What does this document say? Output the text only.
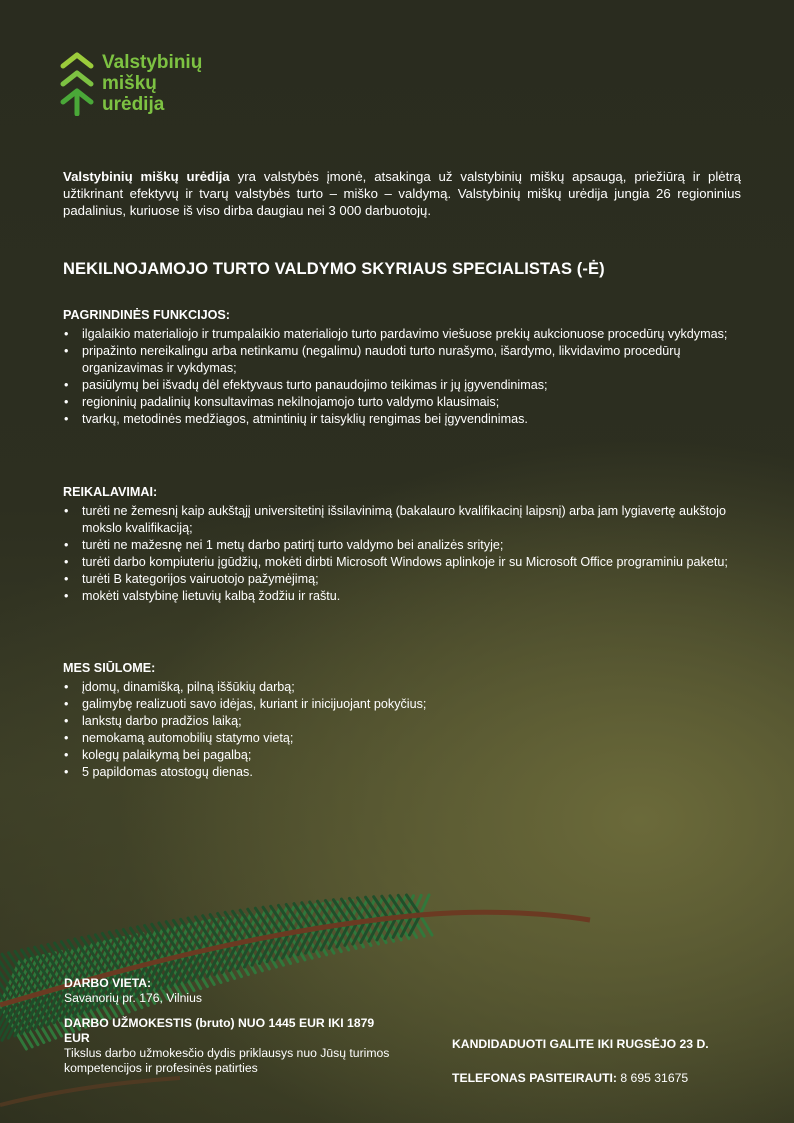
Valstybinių
miškų
urėdija
Valstybinių miškų urėdija yra valstybės įmonė, atsakinga už valstybinių miškų apsaugą, priežiūrą ir plėtrą užtikrinant efektyvų ir tvarų valstybės turto – miško – valdymą. Valstybinių miškų urėdija jungia 26 regioninius padalinius, kuriuose iš viso dirba daugiau nei 3 000 darbuotojų.
NEKILNOJAMOJO TURTO VALDYMO SKYRIAUS SPECIALISTAS (-Ė)
PAGRINDINĖS FUNKCIJOS:
• ilgalaikio materialiojo ir trumpalaikio materialiojo turto pardavimo viešuose prekių aukcionuose procedūrų vykdymas;
• pripažinto nereikalingu arba netinkamu (negalimu) naudoti turto nurašymo, išardymo, likvidavimo procedūrų organizavimas ir vykdymas;
• pasiūlymų bei išvadų dėl efektyvaus turto panaudojimo teikimas ir jų įgyvendinimas;
• regioninių padalinių konsultavimas nekilnojamojo turto valdymo klausimais;
• tvarkų, metodinės medžiagos, atmintinių ir taisyklių rengimas bei įgyvendinimas.
REIKALAVIMAI:
• turėti ne žemesnį kaip aukštąjį universitetinį išsilavinimą (bakalauro kvalifikacinį laipsnį) arba jam lygiavertę aukštojo mokslo kvalifikaciją;
• turėti ne mažesnę nei 1 metų darbo patirtį turto valdymo bei analizės srityje;
• turėti darbo kompiuteriu įgūdžių, mokėti dirbti Microsoft Windows aplinkoje ir su Microsoft Office programiniu paketu;
• turėti B kategorijos vairuotojo pažymėjimą;
• mokėti valstybinę lietuvių kalbą žodžiu ir raštu.
MES SIŪLOME:
• įdomų, dinamišką, pilną iššūkių darbą;
• galimybę realizuoti savo idėjas, kuriant ir inicijuojant pokyčius;
• lankstų darbo pradžios laiką;
• nemokamą automobilių statymo vietą;
• kolegų palaikymą bei pagalbą;
• 5 papildomas atostogų dienas.
DARBO VIETA:
Savanorių pr. 176, Vilnius
DARBO UŽMOKESTIS (bruto) NUO 1445 EUR IKI 1879 EUR
Tikslus darbo užmokesčio dydis priklausys nuo Jūsų turimos kompetencijos ir profesinės patirties
KANDIDADUOTI GALITE IKI RUGSĖJO 23 D.
TELEFONAS PASITEIRAUTI: 8 695 31675
